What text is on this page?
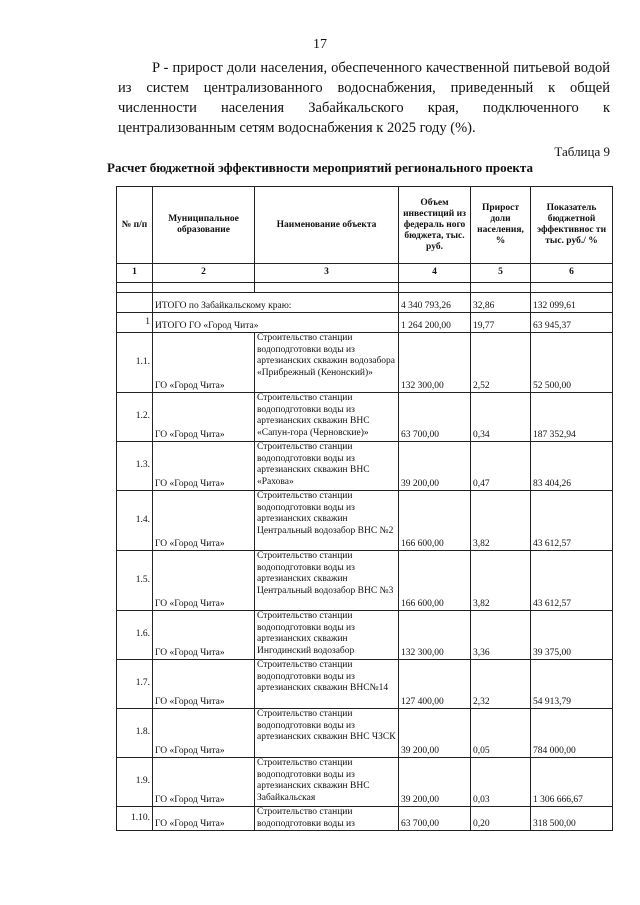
17
P - прирост доли населения, обеспеченного качественной питьевой водой из систем централизованного водоснабжения, приведенный к общей численности населения Забайкальского края, подключенного к централизованным сетям водоснабжения к 2025 году (%).
Таблица 9
Расчет бюджетной эффективности мероприятий регионального проекта
№ п/п	Муниципальное образование	Наименование объекта	Объем инвестиций из федераль ного бюджета, тыс. руб.	Прирост доли населения, %	Показатель бюджетной эффективнос ти тыс. руб./ %
1	2	3	4	5	6

	ИТОГО по Забайкальскому краю:		4 340 793,26	32,86	132 099,61
1	ИТОГО ГО «Город Чита»		1 264 200,00	19,77	63 945,37
1.1.	ГО «Город Чита»	Строительство станции водоподготовки воды из артезианских скважин водозабора «Прибрежный (Кенонский)»	132 300,00	2,52	52 500,00
1.2.	ГО «Город Чита»	Строительство станции водоподготовки воды из артезианских скважин ВНС «Сапун-гора (Черновские)»	63 700,00	0,34	187 352,94
1.3.	ГО «Город Чита»	Строительство станции водоподготовки воды из артезианских скважин ВНС «Рахова»	39 200,00	0,47	83 404,26
1.4.	ГО «Город Чита»	Строительство станции водоподготовки воды из артезианских скважин Центральный водозабор ВНС №2	166 600,00	3,82	43 612,57
1.5.	ГО «Город Чита»	Строительство станции водоподготовки воды из артезианских скважин Центральный водозабор ВНС №3	166 600,00	3,82	43 612,57
1.6.	ГО «Город Чита»	Строительство станции водоподготовки воды из артезианских скважин Ингодинский водозабор	132 300,00	3,36	39 375,00
1.7.	ГО «Город Чита»	Строительство станции водоподготовки воды из артезианских скважин ВНС№14	127 400,00	2,32	54 913,79
1.8.	ГО «Город Чита»	Строительство станции водоподготовки воды из артезианских скважин ВНС ЧЗСК	39 200,00	0,05	784 000,00
1.9.	ГО «Город Чита»	Строительство станции водоподготовки воды из артезианских скважин ВНС Забайкальская	39 200,00	0,03	1 306 666,67
1.10.	ГО «Город Чита»	Строительство станции водоподготовки воды из	63 700,00	0,20	318 500,00
